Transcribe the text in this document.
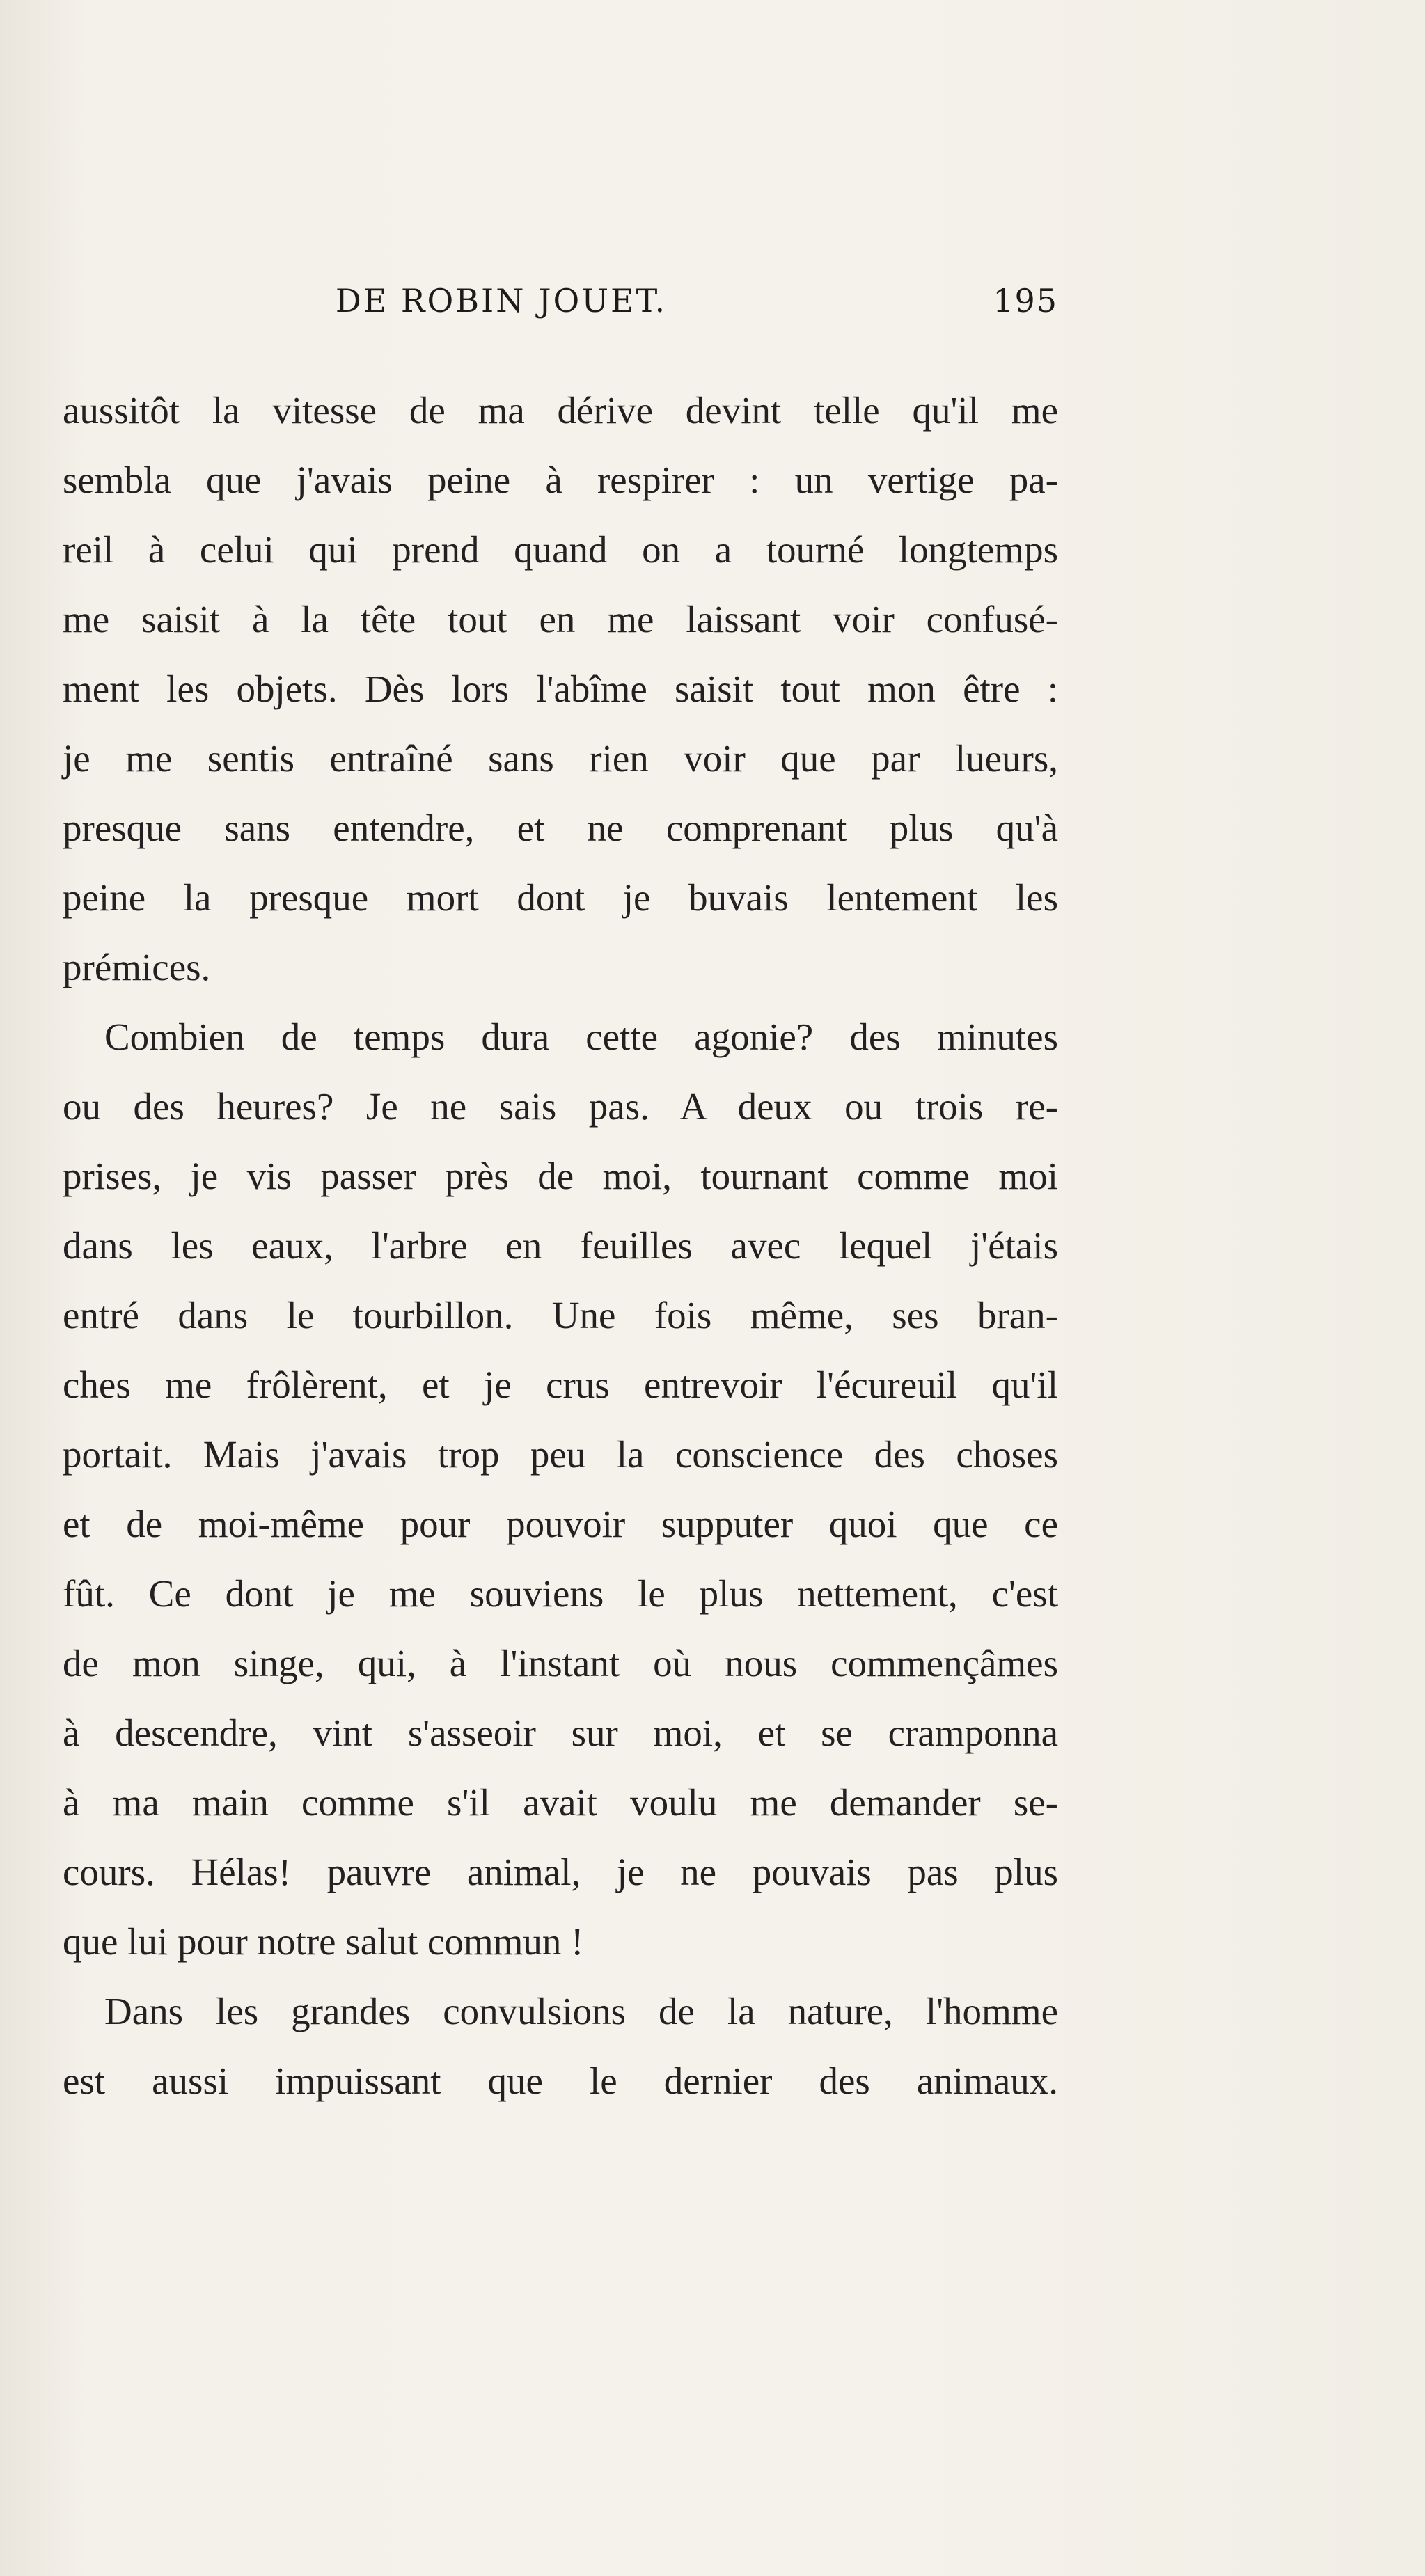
DE ROBIN JOUET.	195
aussitôt la vitesse de ma dérive devint telle qu'il me
sembla que j'avais peine à respirer : un vertige pa-
reil à celui qui prend quand on a tourné longtemps
me saisit à la tête tout en me laissant voir confusé-
ment les objets. Dès lors l'abîme saisit tout mon être :
je me sentis entraîné sans rien voir que par lueurs,
presque sans entendre, et ne comprenant plus qu'à
peine la presque mort dont je buvais lentement les
prémices.
Combien de temps dura cette agonie? des minutes
ou des heures? Je ne sais pas. A deux ou trois re-
prises, je vis passer près de moi, tournant comme moi
dans les eaux, l'arbre en feuilles avec lequel j'étais
entré dans le tourbillon. Une fois même, ses bran-
ches me frôlèrent, et je crus entrevoir l'écureuil qu'il
portait. Mais j'avais trop peu la conscience des choses
et de moi-même pour pouvoir supputer quoi que ce
fût. Ce dont je me souviens le plus nettement, c'est
de mon singe, qui, à l'instant où nous commençâmes
à descendre, vint s'asseoir sur moi, et se cramponna
à ma main comme s'il avait voulu me demander se-
cours. Hélas! pauvre animal, je ne pouvais pas plus
que lui pour notre salut commun !
Dans les grandes convulsions de la nature, l'homme
est aussi impuissant que le dernier des animaux.
